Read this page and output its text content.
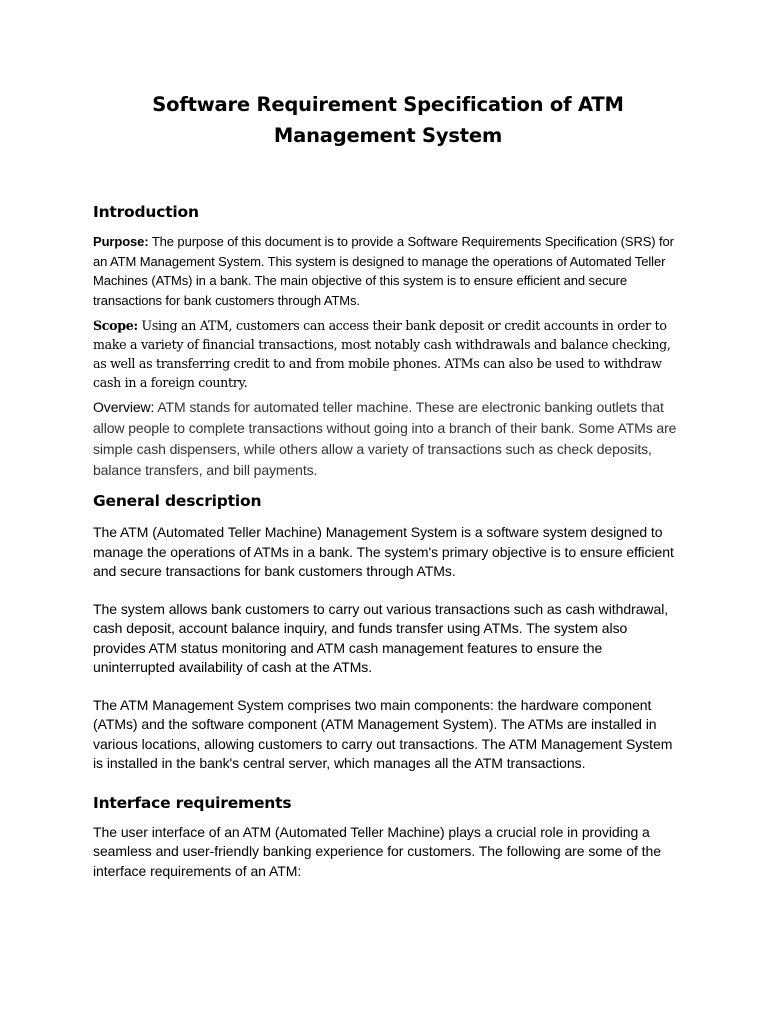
Software Requirement Specification of ATM
Management System
Introduction

Purpose: The purpose of this document is to provide a Software Requirements Specification (SRS) for an ATM Management System. This system is designed to manage the operations of Automated Teller Machines (ATMs) in a bank. The main objective of this system is to ensure efficient and secure transactions for bank customers through ATMs.

Scope: Using an ATM, customers can access their bank deposit or credit accounts in order to make a variety of financial transactions, most notably cash withdrawals and balance checking, as well as transferring credit to and from mobile phones. ATMs can also be used to withdraw cash in a foreign country.

Overview: ATM stands for automated teller machine. These are electronic banking outlets that allow people to complete transactions without going into a branch of their bank. Some ATMs are simple cash dispensers, while others allow a variety of transactions such as check deposits, balance transfers, and bill payments.

General description

The ATM (Automated Teller Machine) Management System is a software system designed to manage the operations of ATMs in a bank. The system's primary objective is to ensure efficient and secure transactions for bank customers through ATMs.

The system allows bank customers to carry out various transactions such as cash withdrawal, cash deposit, account balance inquiry, and funds transfer using ATMs. The system also provides ATM status monitoring and ATM cash management features to ensure the uninterrupted availability of cash at the ATMs.

The ATM Management System comprises two main components: the hardware component (ATMs) and the software component (ATM Management System). The ATMs are installed in various locations, allowing customers to carry out transactions. The ATM Management System is installed in the bank's central server, which manages all the ATM transactions.

Interface requirements

The user interface of an ATM (Automated Teller Machine) plays a crucial role in providing a seamless and user-friendly banking experience for customers. The following are some of the interface requirements of an ATM:
